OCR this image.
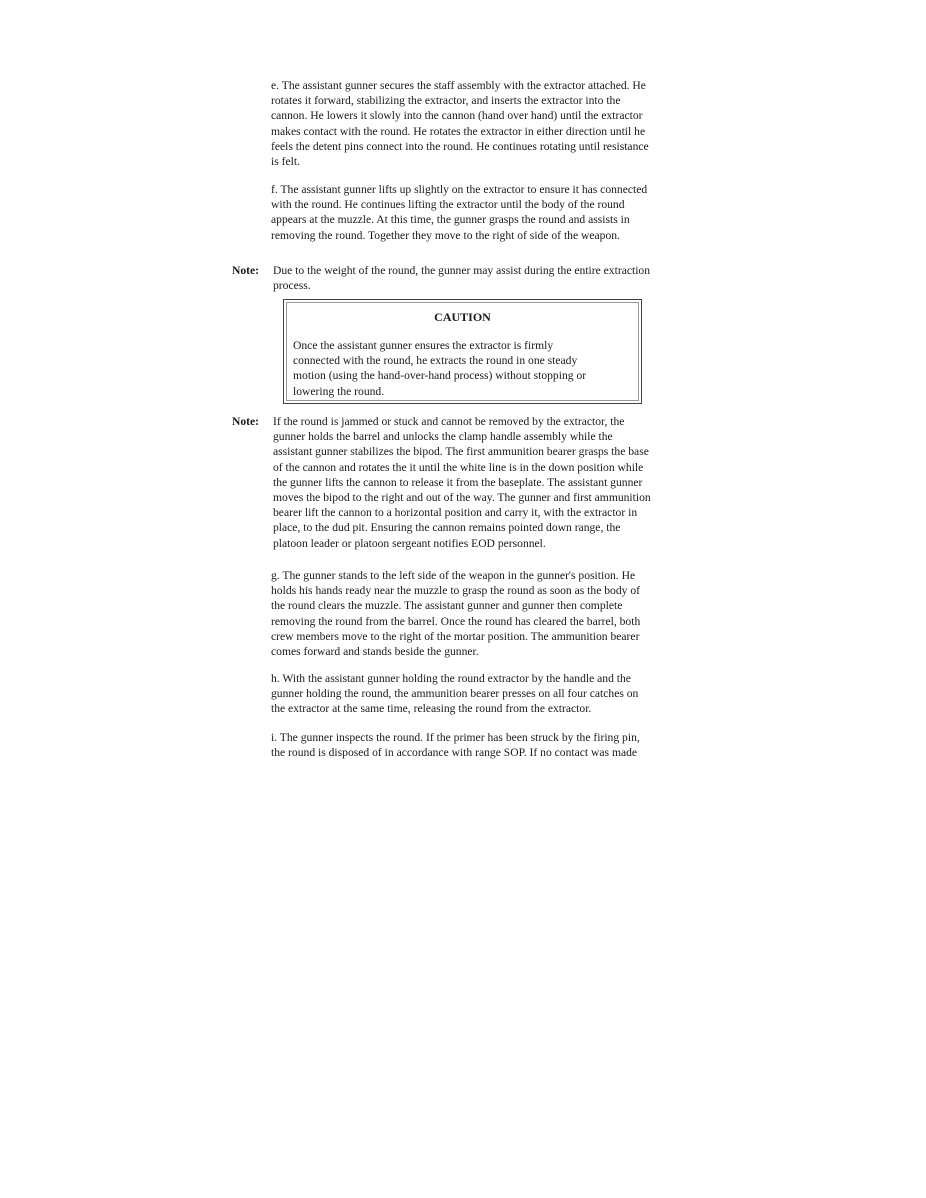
e. The assistant gunner secures the staff assembly with the extractor attached. He
rotates it forward, stabilizing the extractor, and inserts the extractor into the
cannon. He lowers it slowly into the cannon (hand over hand) until the extractor
makes contact with the round. He rotates the extractor in either direction until he
feels the detent pins connect into the round. He continues rotating until resistance
is felt.
f. The assistant gunner lifts up slightly on the extractor to ensure it has connected
with the round. He continues lifting the extractor until the body of the round
appears at the muzzle. At this time, the gunner grasps the round and assists in
removing the round. Together they move to the right of side of the weapon.
Note: Due to the weight of the round, the gunner may assist during the entire extraction
process.
CAUTION
Once the assistant gunner ensures the extractor is firmly
connected with the round, he extracts the round in one steady
motion (using the hand-over-hand process) without stopping or
lowering the round.
Note: If the round is jammed or stuck and cannot be removed by the extractor, the
gunner holds the barrel and unlocks the clamp handle assembly while the
assistant gunner stabilizes the bipod. The first ammunition bearer grasps the base
of the cannon and rotates the it until the white line is in the down position while
the gunner lifts the cannon to release it from the baseplate. The assistant gunner
moves the bipod to the right and out of the way. The gunner and first ammunition
bearer lift the cannon to a horizontal position and carry it, with the extractor in
place, to the dud pit. Ensuring the cannon remains pointed down range, the
platoon leader or platoon sergeant notifies EOD personnel.
g. The gunner stands to the left side of the weapon in the gunner's position. He
holds his hands ready near the muzzle to grasp the round as soon as the body of
the round clears the muzzle. The assistant gunner and gunner then complete
removing the round from the barrel. Once the round has cleared the barrel, both
crew members move to the right of the mortar position. The ammunition bearer
comes forward and stands beside the gunner.
h. With the assistant gunner holding the round extractor by the handle and the
gunner holding the round, the ammunition bearer presses on all four catches on
the extractor at the same time, releasing the round from the extractor.
i. The gunner inspects the round. If the primer has been struck by the firing pin,
the round is disposed of in accordance with range SOP. If no contact was made
